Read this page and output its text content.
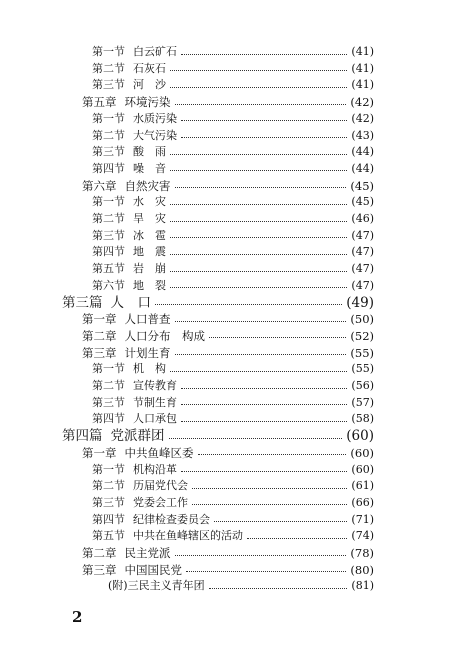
第一节 白云矿石	(41)
第二节 石灰石	(41)
第三节 河　沙	(41)
第五章 环境污染	(42)
第一节 水质污染	(42)
第二节 大气污染	(43)
第三节 酸　雨	(44)
第四节 噪　音	(44)
第六章 自然灾害	(45)
第一节 水　灾	(45)
第二节 旱　灾	(46)
第三节 冰　雹	(47)
第四节 地　震	(47)
第五节 岩　崩	(47)
第六节 地　裂	(47)
第三篇 人　口	(49)
第一章 人口普查	(50)
第二章 人口分布　构成	(52)
第三章 计划生育	(55)
第一节 机　构	(55)
第二节 宣传教育	(56)
第三节 节制生育	(57)
第四节 人口承包	(58)
第四篇 党派群团	(60)
第一章 中共鱼峰区委	(60)
第一节 机构沿革	(60)
第二节 历届党代会	(61)
第三节 党委会工作	(66)
第四节 纪律检查委员会	(71)
第五节 中共在鱼峰辖区的活动	(74)
第二章 民主党派	(78)
第三章 中国国民党	(80)
(附)三民主义青年团	(81)
2
